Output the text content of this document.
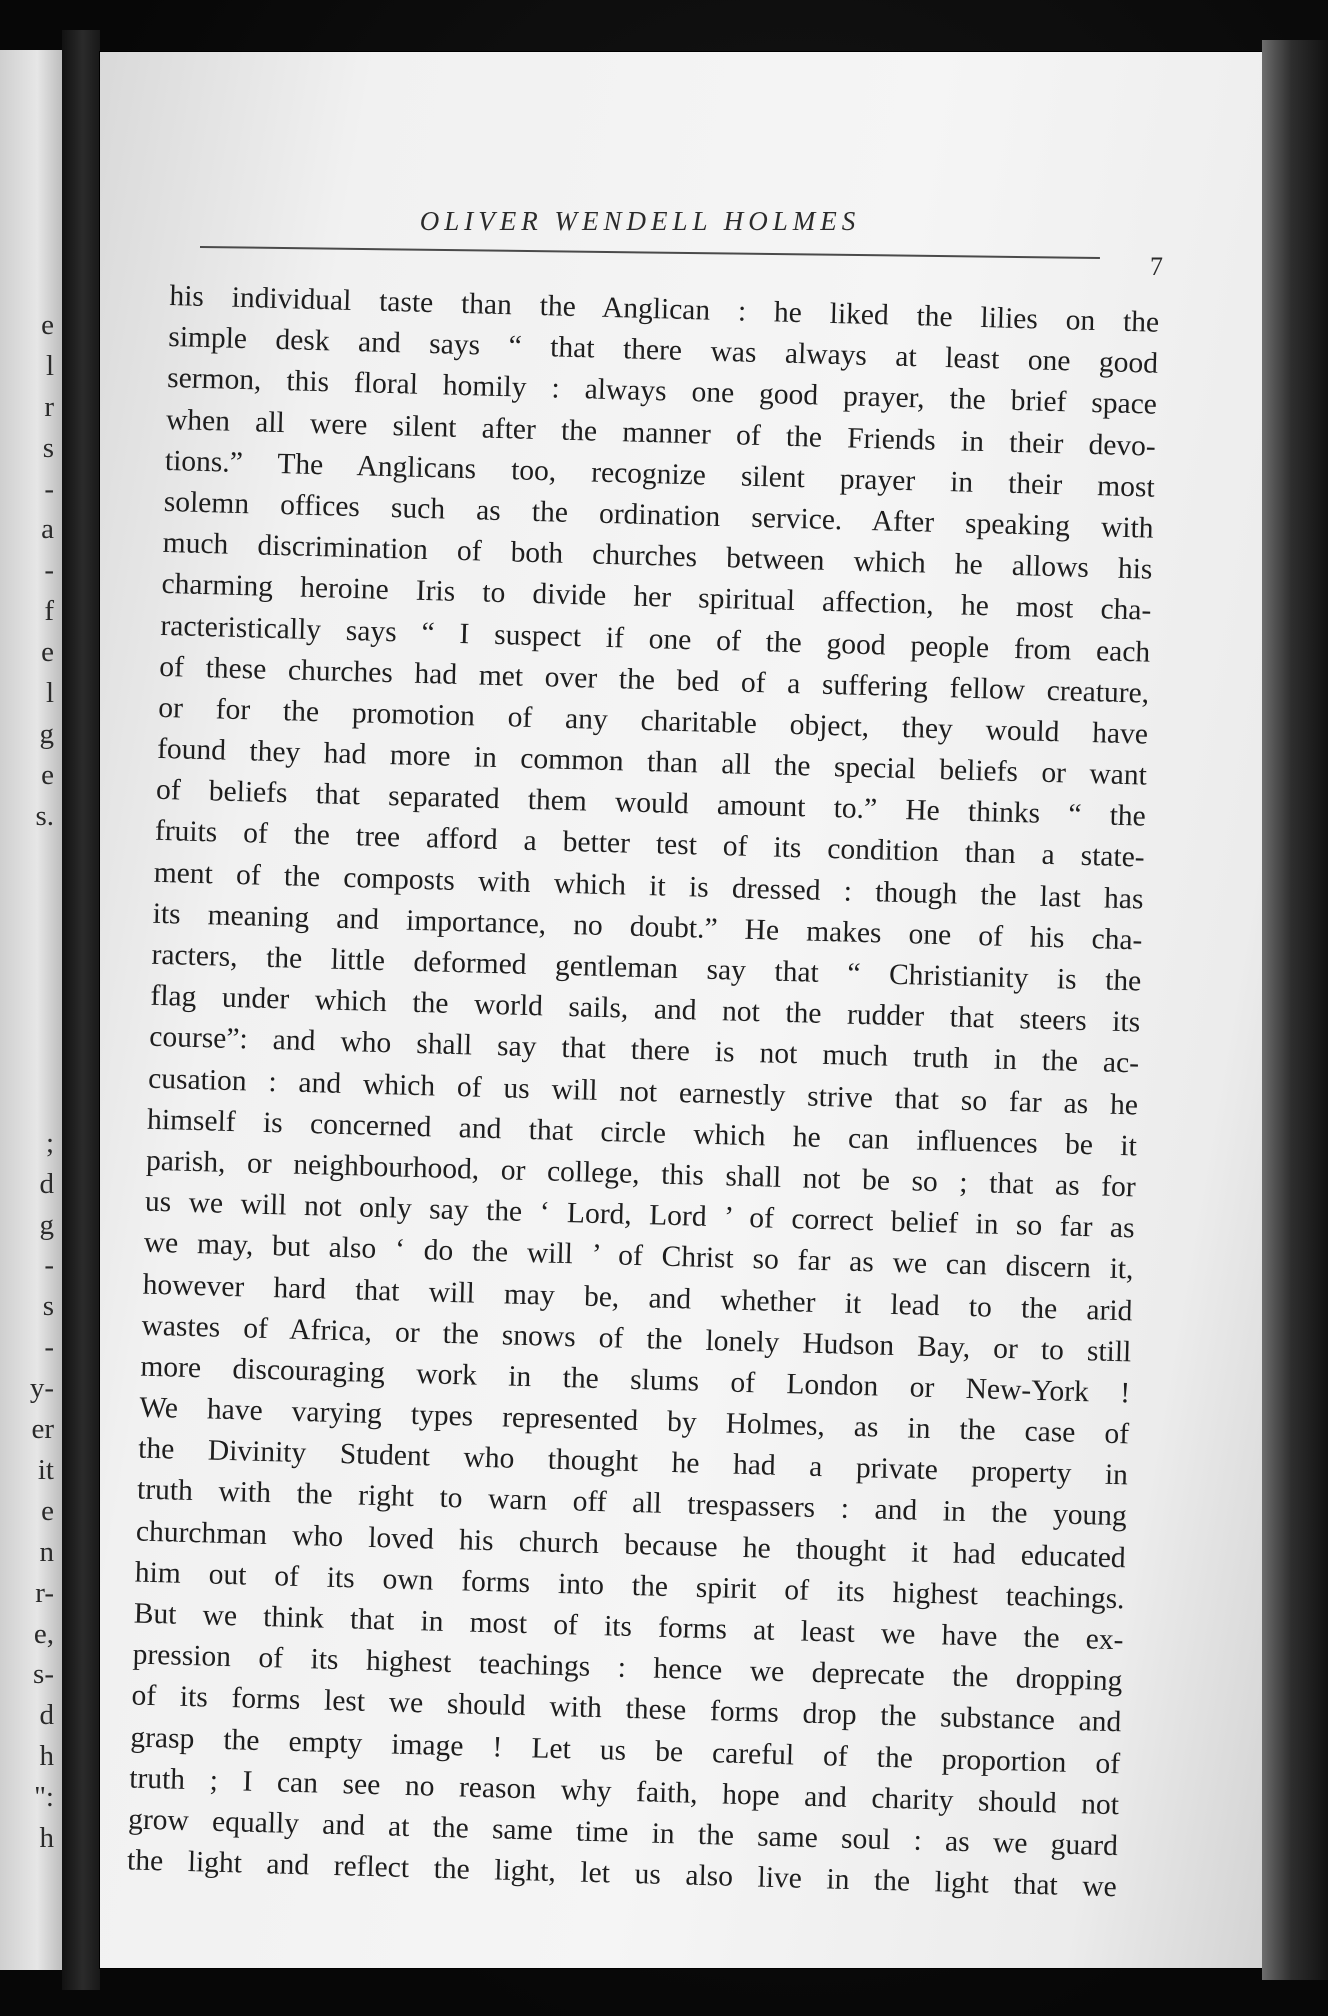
e
l
r
s
-
a
-
f
e
l
g
e
s.
;
d
g
-
s
-
y-
er
it
e
n
r-
e,
s-
d
h
":
h
OLIVER WENDELL HOLMES
7
his individual taste than the Anglican : he liked the lilies on the
simple desk and says “ that there was always at least one good
sermon, this floral homily : always one good prayer, the brief space
when all were silent after the manner of the Friends in their devo-
tions.” The Anglicans too, recognize silent prayer in their most
solemn offices such as the ordination service. After speaking with
much discrimination of both churches between which he allows his
charming heroine Iris to divide her spiritual affection, he most cha-
racteristically says “ I suspect if one of the good people from each
of these churches had met over the bed of a suffering fellow creature,
or for the promotion of any charitable object, they would have
found they had more in common than all the special beliefs or want
of beliefs that separated them would amount to.” He thinks “ the
fruits of the tree afford a better test of its condition than a state-
ment of the composts with which it is dressed : though the last has
its meaning and importance, no doubt.” He makes one of his cha-
racters, the little deformed gentleman say that “ Christianity is the
flag under which the world sails, and not the rudder that steers its
course”: and who shall say that there is not much truth in the ac-
cusation : and which of us will not earnestly strive that so far as he
himself is concerned and that circle which he can influences be it
parish, or neighbourhood, or college, this shall not be so ; that as for
us we will not only say the ‘ Lord, Lord ’ of correct belief in so far as
we may, but also ‘ do the will ’ of Christ so far as we can discern it,
however hard that will may be, and whether it lead to the arid
wastes of Africa, or the snows of the lonely Hudson Bay, or to still
more discouraging work in the slums of London or New-York !
We have varying types represented by Holmes, as in the case of
the Divinity Student who thought he had a private property in
truth with the right to warn off all trespassers : and in the young
churchman who loved his church because he thought it had educated
him out of its own forms into the spirit of its highest teachings.
But we think that in most of its forms at least we have the ex-
pression of its highest teachings : hence we deprecate the dropping
of its forms lest we should with these forms drop the substance and
grasp the empty image ! Let us be careful of the proportion of
truth ; I can see no reason why faith, hope and charity should not
grow equally and at the same time in the same soul : as we guard
the light and reflect the light, let us also live in the light that we
